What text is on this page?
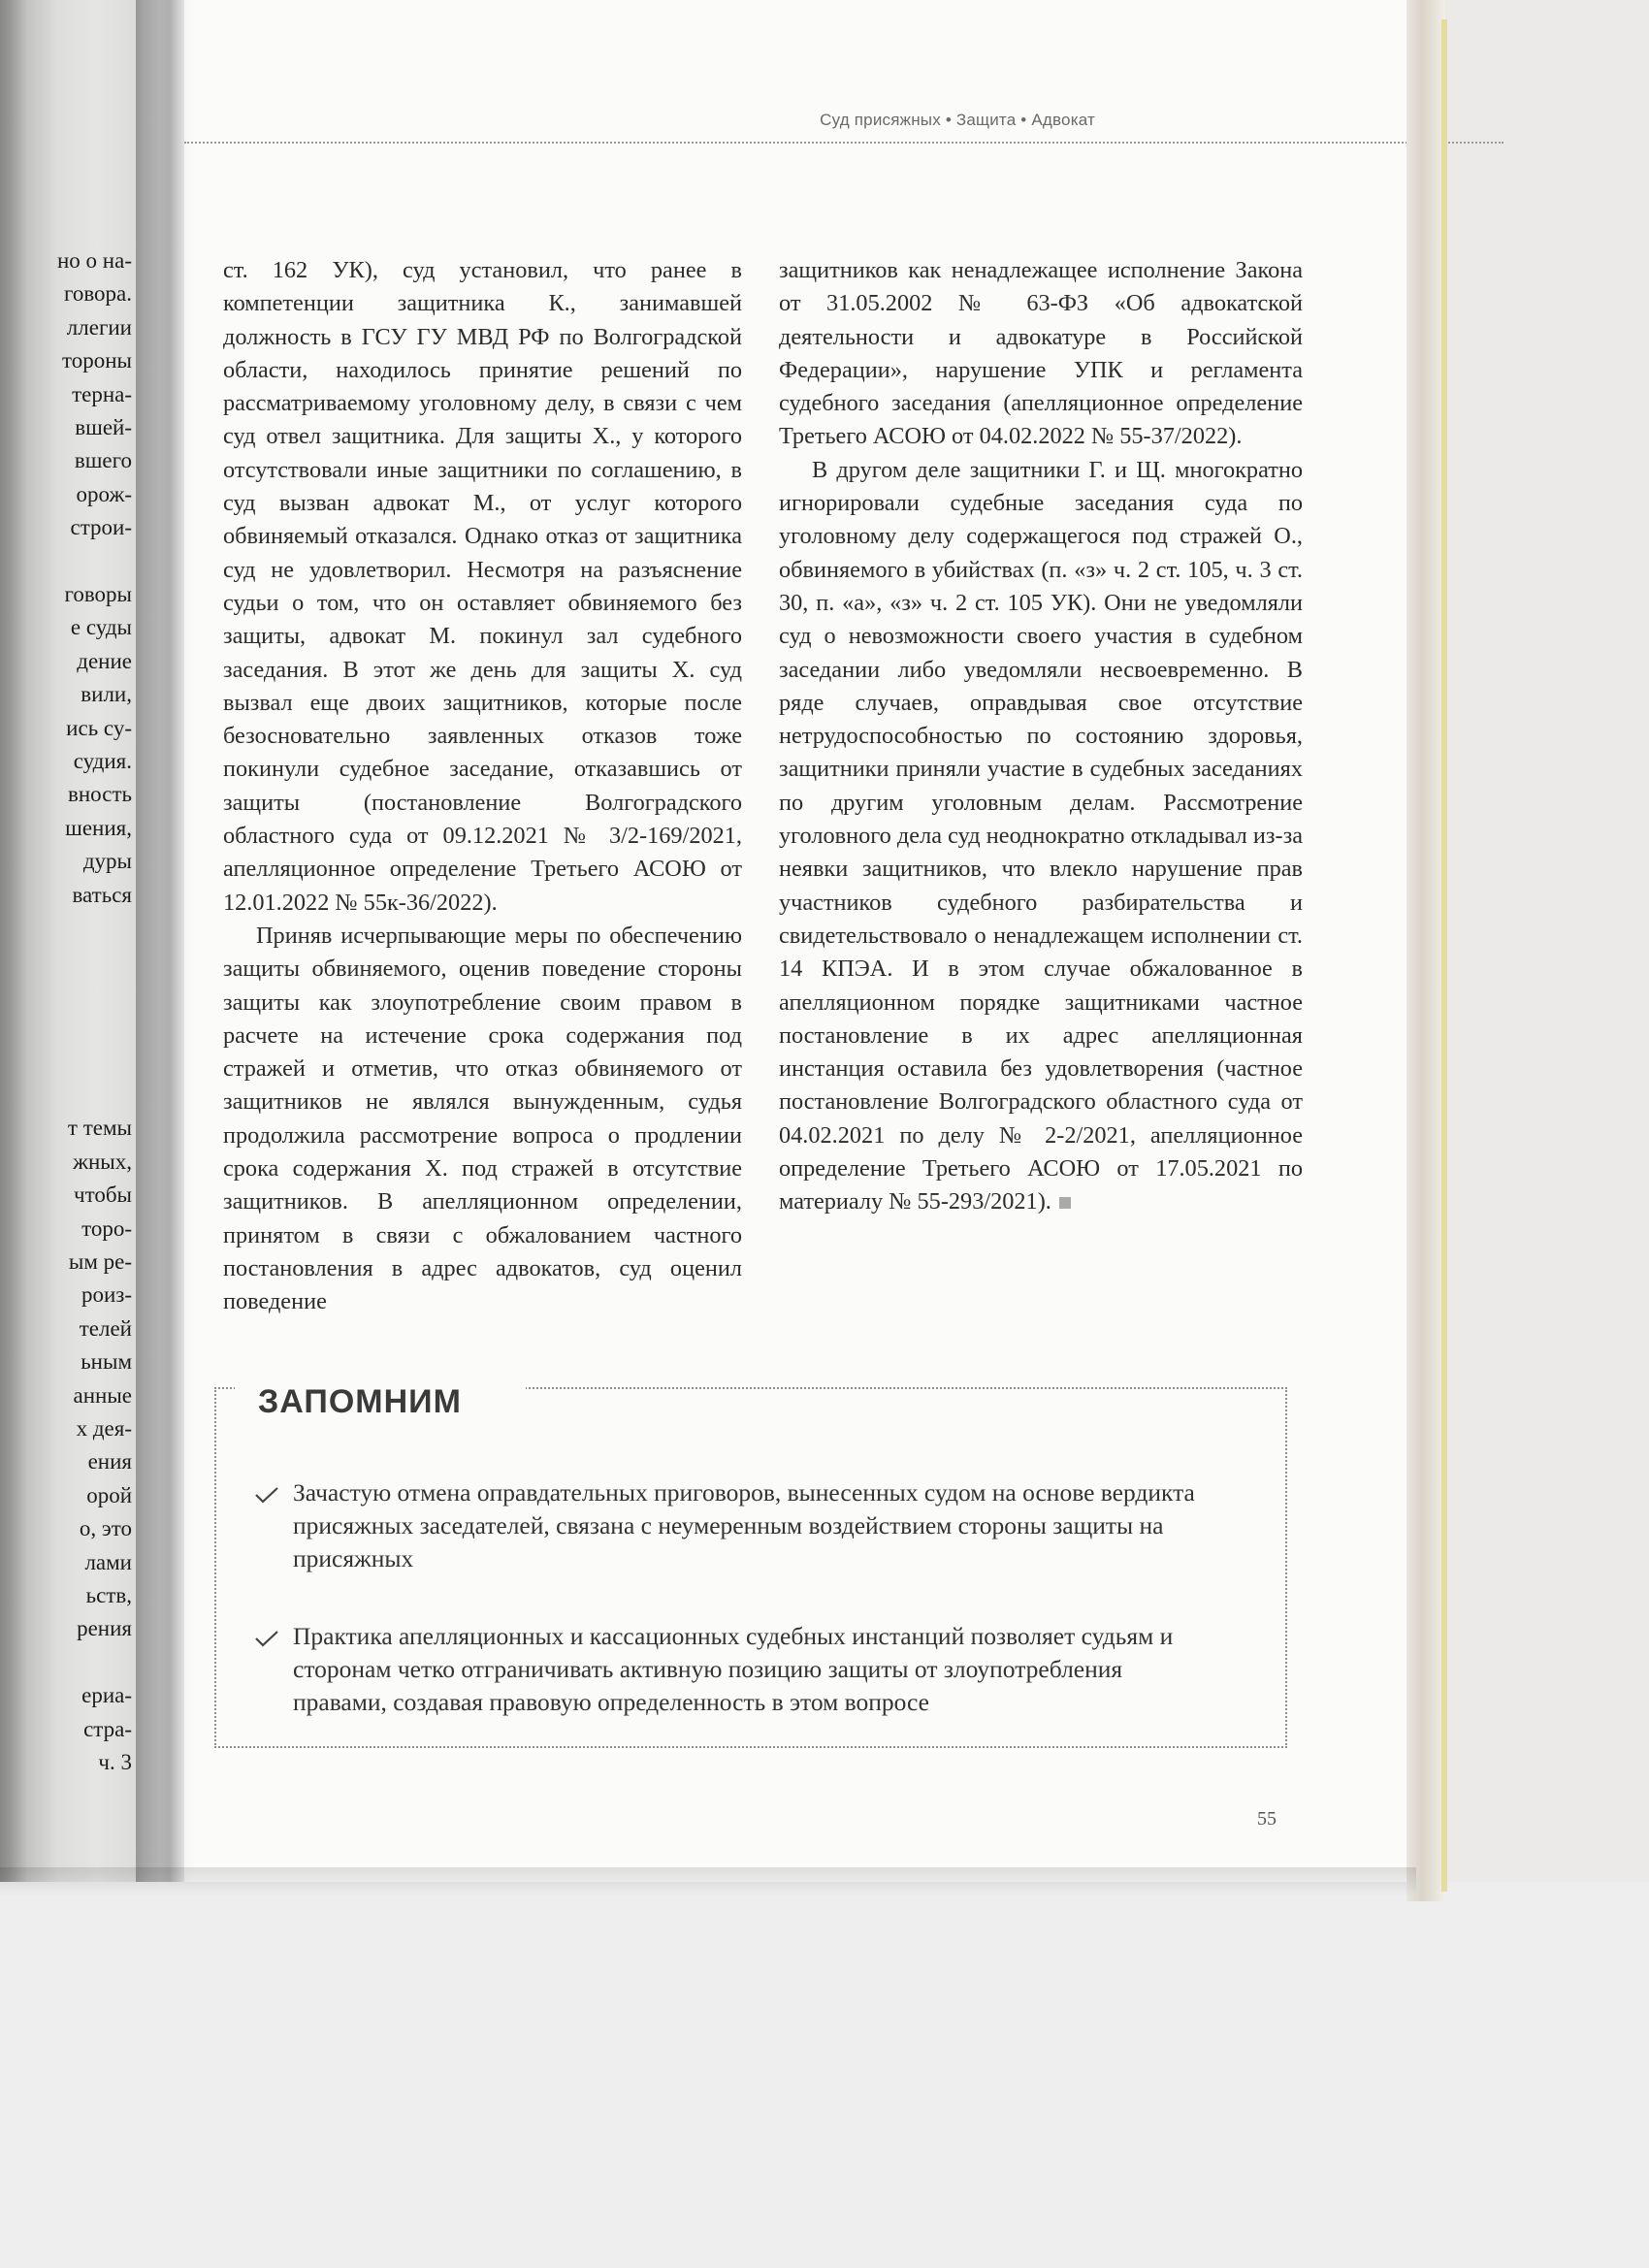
но о на-
говора.
ллегии
тороны
терна-
вшей-
вшего
орож-
строи-
говоры
е суды
дение
вили,
ись су-
судия.
вность
шения,
дуры
ваться
т темы
жных,
чтобы
торо-
ым ре-
роиз-
телей
ьным
анные
х дея-
ения
орой
о, это
лами
ьств,
рения
ериа-
стра-
ч. 3
Суд присяжных • Защита • Адвокат

ст. 162 УК), суд установил, что ранее в компетенции защитника К., занимавшей должность в ГСУ ГУ МВД РФ по Волгоградской области, находилось принятие решений по рассматриваемому уголовному делу, в связи с чем суд отвел защитника. Для защиты Х., у которого отсутствовали иные защитники по соглашению, в суд вызван адвокат М., от услуг которого обвиняемый отказался. Однако отказ от защитника суд не удовлетворил. Несмотря на разъяснение судьи о том, что он оставляет обвиняемого без защиты, адвокат М. покинул зал судебного заседания. В этот же день для защиты Х. суд вызвал еще двоих защитников, которые после безосновательно заявленных отказов тоже покинули судебное заседание, отказавшись от защиты (постановление Волгоградского областного суда от 09.12.2021 № 3/2-169/2021, апелляционное определение Третьего АСОЮ от 12.01.2022 № 55к-36/2022).

Приняв исчерпывающие меры по обеспечению защиты обвиняемого, оценив поведение стороны защиты как злоупотребление своим правом в расчете на истечение срока содержания под стражей и отметив, что отказ обвиняемого от защитников не являлся вынужденным, судья продолжила рассмотрение вопроса о продлении срока содержания Х. под стражей в отсутствие защитников. В апелляционном определении, принятом в связи с обжалованием частного постановления в адрес адвокатов, суд оценил поведение

защитников как ненадлежащее исполнение Закона от 31.05.2002 № 63-ФЗ «Об адвокатской деятельности и адвокатуре в Российской Федерации», нарушение УПК и регламента судебного заседания (апелляционное определение Третьего АСОЮ от 04.02.2022 № 55-37/2022).

В другом деле защитники Г. и Щ. многократно игнорировали судебные заседания суда по уголовному делу содержащегося под стражей О., обвиняемого в убийствах (п. «з» ч. 2 ст. 105, ч. 3 ст. 30, п. «а», «з» ч. 2 ст. 105 УК). Они не уведомляли суд о невозможности своего участия в судебном заседании либо уведомляли несвоевременно. В ряде случаев, оправдывая свое отсутствие нетрудоспособностью по состоянию здоровья, защитники приняли участие в судебных заседаниях по другим уголовным делам. Рассмотрение уголовного дела суд неоднократно откладывал из-за неявки защитников, что влекло нарушение прав участников судебного разбирательства и свидетельствовало о ненадлежащем исполнении ст. 14 КПЭА. И в этом случае обжалованное в апелляционном порядке защитниками частное постановление в их адрес апелляционная инстанция оставила без удовлетворения (частное постановление Волгоградского областного суда от 04.02.2021 по делу № 2-2/2021, апелляционное определение Третьего АСОЮ от 17.05.2021 по материалу № 55-293/2021).

ЗАПОМНИМ
Зачастую отмена оправдательных приговоров, вынесенных судом на основе вердикта присяжных заседателей, связана с неумеренным воздействием стороны защиты на присяжных
Практика апелляционных и кассационных судебных инстанций позволяет судьям и сторонам четко отграничивать активную позицию защиты от злоупотребления правами, создавая правовую определенность в этом вопросе
55
